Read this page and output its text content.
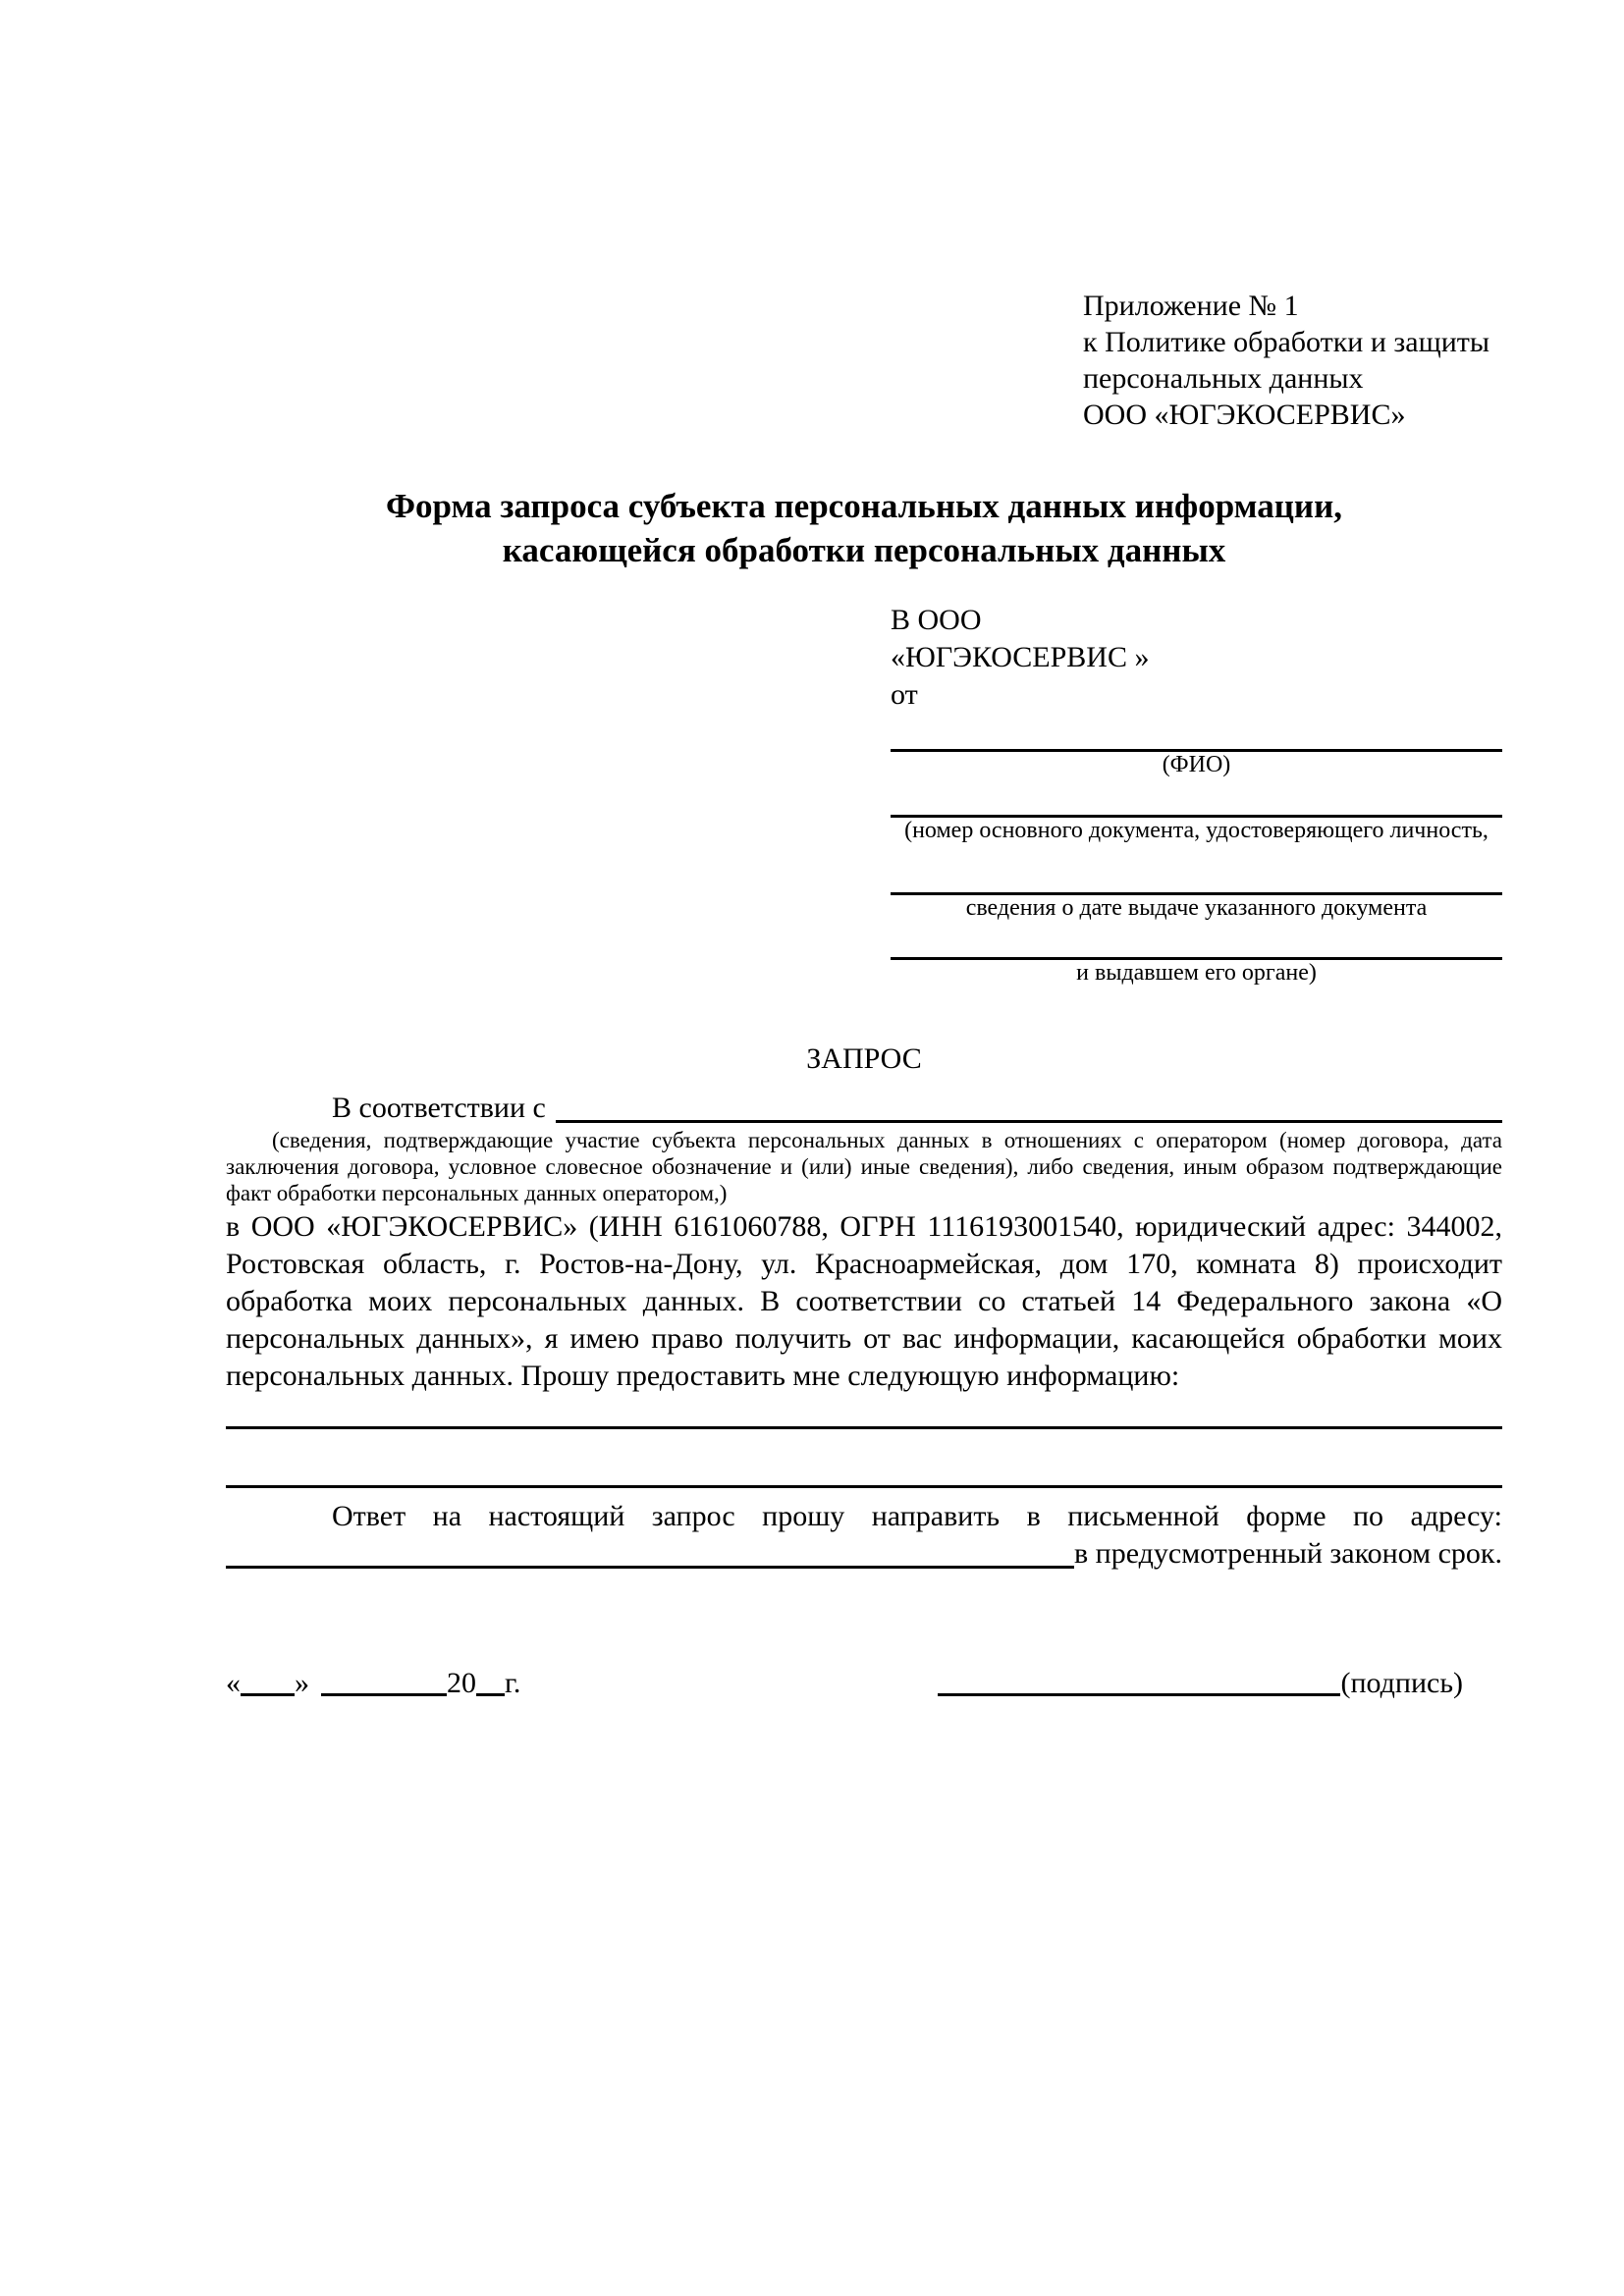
Приложение № 1
к Политике обработки и защиты
персональных данных
ООО «ЮГЭКОСЕРВИС»
Форма запроса субъекта персональных данных информации,
касающейся обработки персональных данных
В ООО
«ЮГЭКОСЕРВИС »
от
(ФИО)
(номер основного документа, удостоверяющего личность,
сведения о дате выдаче указанного документа
и выдавшем его органе)
ЗАПРОС
В соответствии с

(сведения, подтверждающие участие субъекта персональных данных в отношениях с оператором (номер договора, дата заключения договора, условное словесное обозначение и (или) иные сведения), либо сведения, иным образом подтверждающие факт обработки персональных данных оператором,)

в ООО «ЮГЭКОСЕРВИС» (ИНН 6161060788, ОГРН 1116193001540, юридический адрес: 344002, Ростовская область, г. Ростов-на-Дону, ул. Красноармейская, дом 170, комната 8) происходит обработка моих персональных данных. В соответствии со статьей 14 Федерального закона «О персональных данных», я имею право получить от вас информации, касающейся обработки моих персональных данных. Прошу предоставить мне следующую информацию:

Ответ на настоящий запрос прошу направить в письменной форме по адресу:

в предусмотренный законом срок.
« »	20 г.	(подпись)
